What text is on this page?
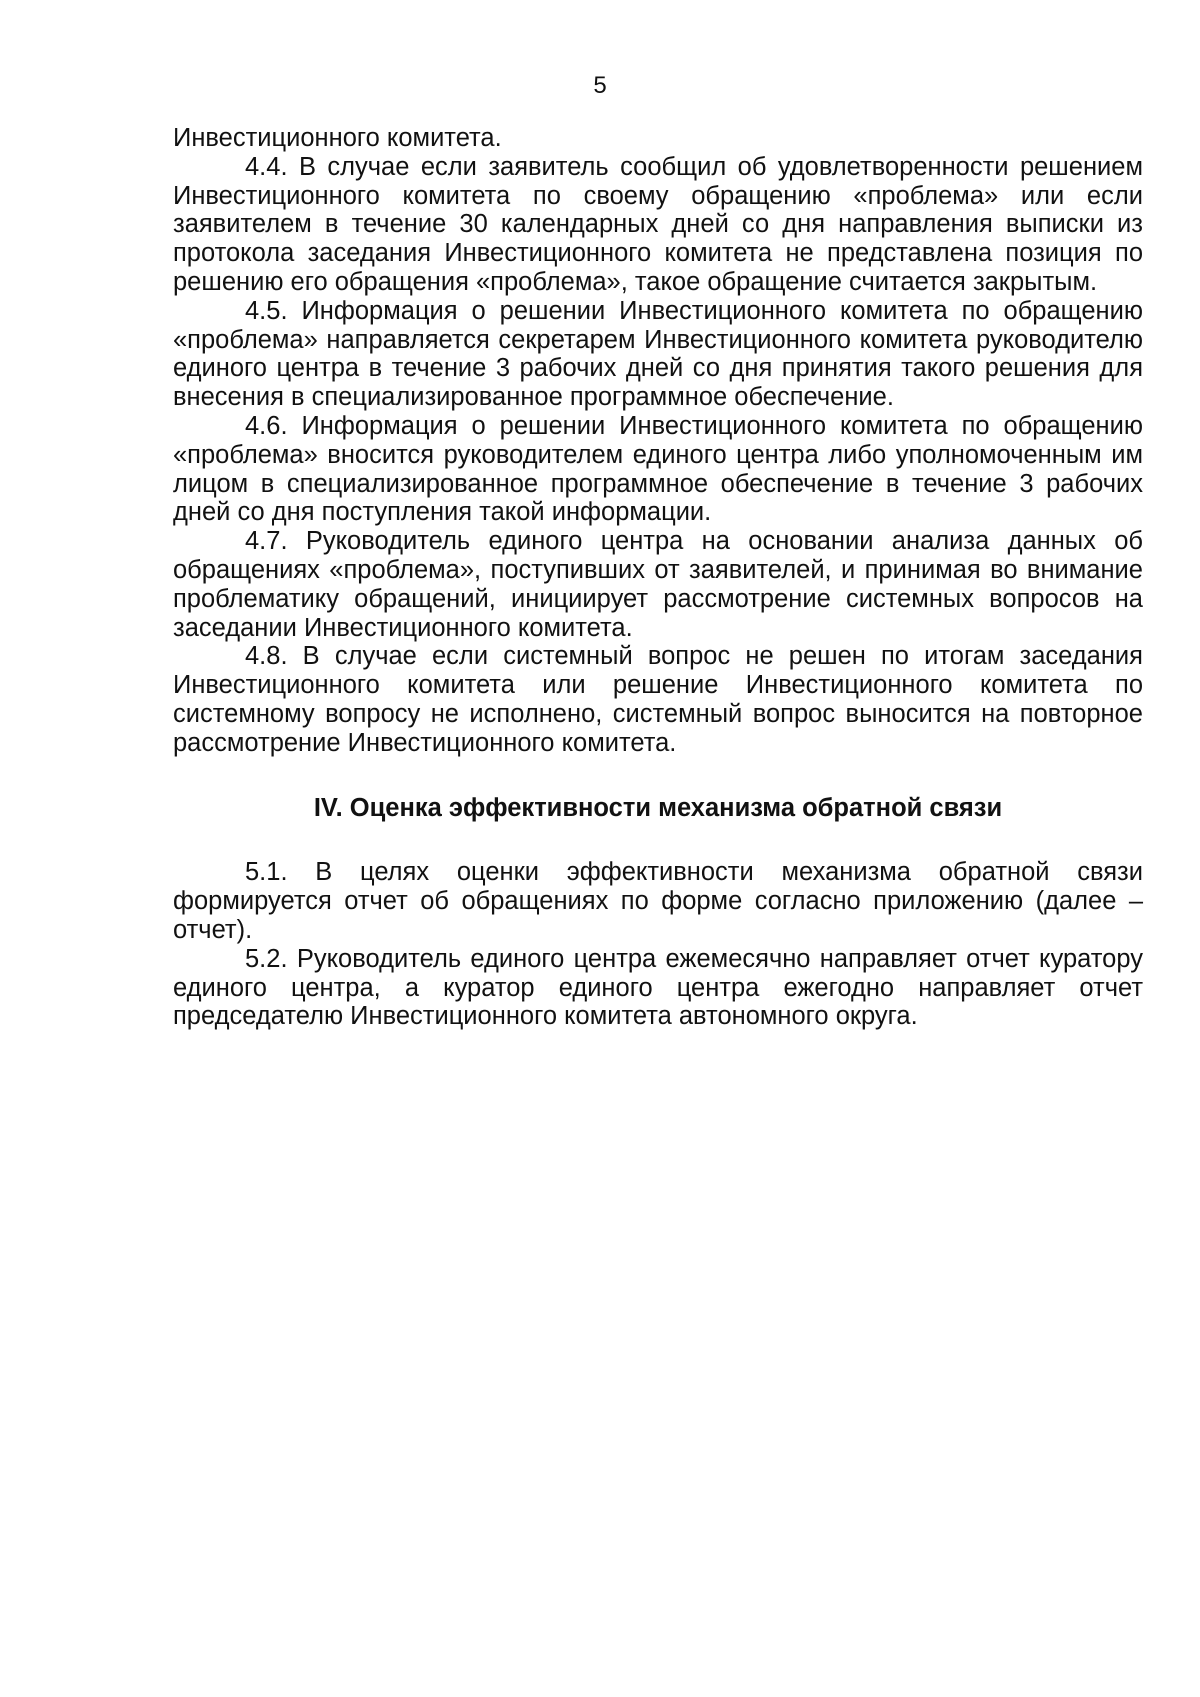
5

Инвестиционного комитета.

4.4. В случае если заявитель сообщил об удовлетворенности решением Инвестиционного комитета по своему обращению «проблема» или если заявителем в течение 30 календарных дней со дня направления выписки из протокола заседания Инвестиционного комитета не представлена позиция по решению его обращения «проблема», такое обращение считается закрытым.

4.5. Информация о решении Инвестиционного комитета по обращению «проблема» направляется секретарем Инвестиционного комитета руководителю единого центра в течение 3 рабочих дней со дня принятия такого решения для внесения в специализированное программное обеспечение.

4.6. Информация о решении Инвестиционного комитета по обращению «проблема» вносится руководителем единого центра либо уполномоченным им лицом в специализированное программное обеспечение в течение 3 рабочих дней со дня поступления такой информации.

4.7. Руководитель единого центра на основании анализа данных об обращениях «проблема», поступивших от заявителей, и принимая во внимание проблематику обращений, инициирует рассмотрение системных вопросов на заседании Инвестиционного комитета.

4.8. В случае если системный вопрос не решен по итогам заседания Инвестиционного комитета или решение Инвестиционного комитета по системному вопросу не исполнено, системный вопрос выносится на повторное рассмотрение Инвестиционного комитета.

IV. Оценка эффективности механизма обратной связи

5.1. В целях оценки эффективности механизма обратной связи формируется отчет об обращениях по форме согласно приложению (далее – отчет).

5.2. Руководитель единого центра ежемесячно направляет отчет куратору единого центра, а куратор единого центра ежегодно направляет отчет председателю Инвестиционного комитета автономного округа.
